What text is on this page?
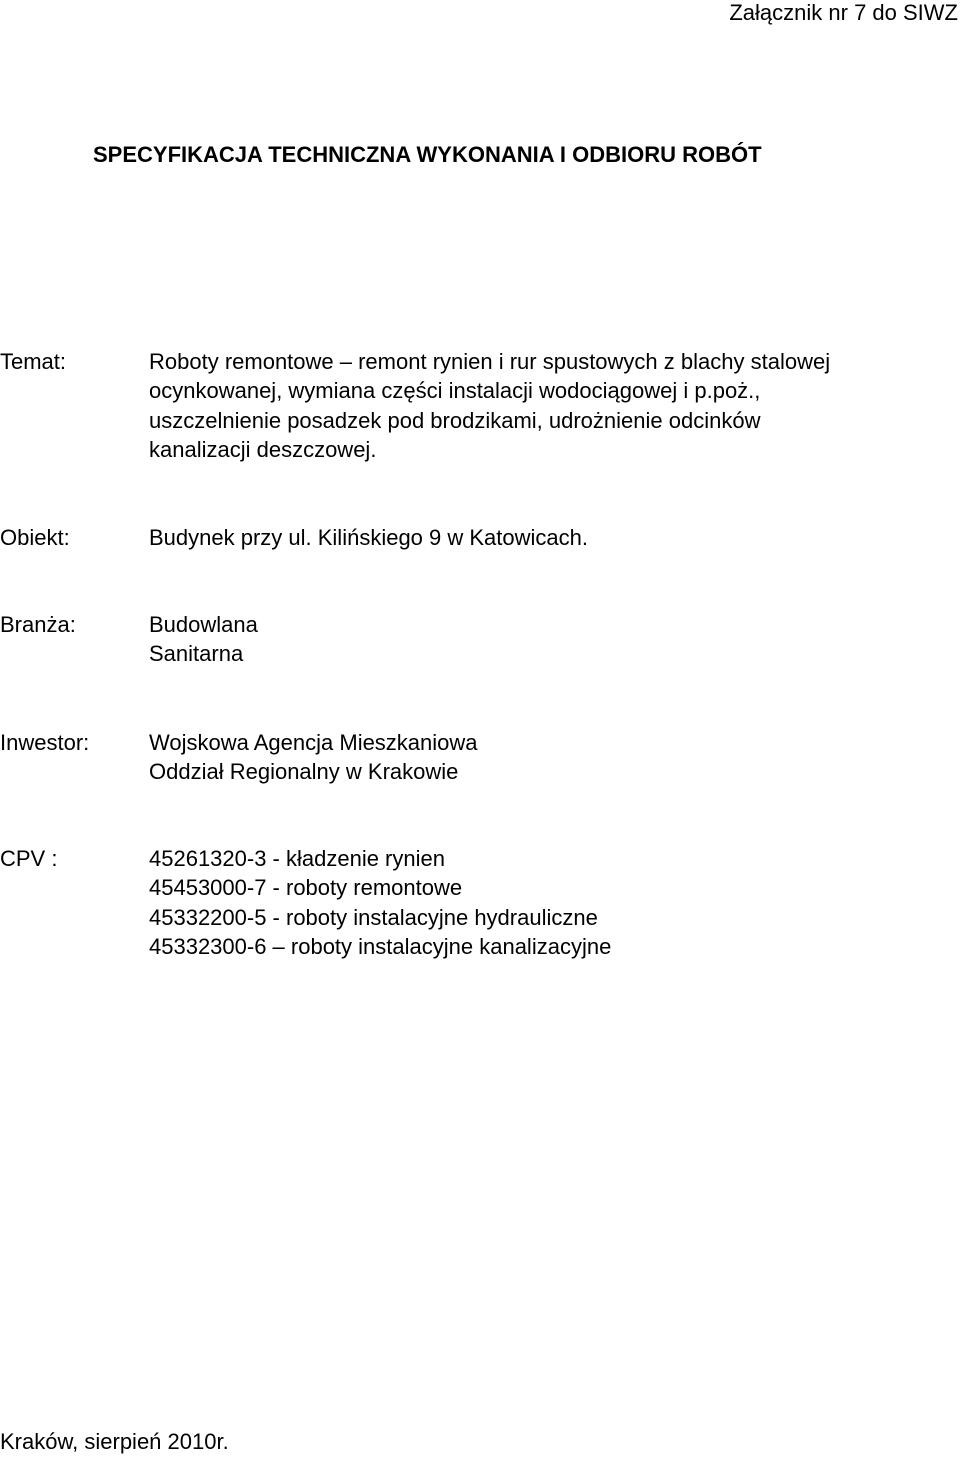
Załącznik nr 7 do SIWZ
SPECYFIKACJA TECHNICZNA WYKONANIA I ODBIORU ROBÓT
Temat:	Roboty remontowe – remont rynien i rur spustowych z blachy stalowej
ocynkowanej, wymiana części instalacji wodociągowej i p.poż.,
uszczelnienie posadzek pod brodzikami, udrożnienie odcinków
kanalizacji deszczowej.
Obiekt:	Budynek przy ul. Kilińskiego 9 w Katowicach.
Branża:	Budowlana
Sanitarna
Inwestor:	Wojskowa Agencja Mieszkaniowa
Oddział Regionalny w Krakowie
CPV :	45261320-3 - kładzenie rynien
45453000-7 - roboty remontowe
45332200-5 - roboty instalacyjne hydrauliczne
45332300-6 – roboty instalacyjne kanalizacyjne
Kraków, sierpień 2010r.
